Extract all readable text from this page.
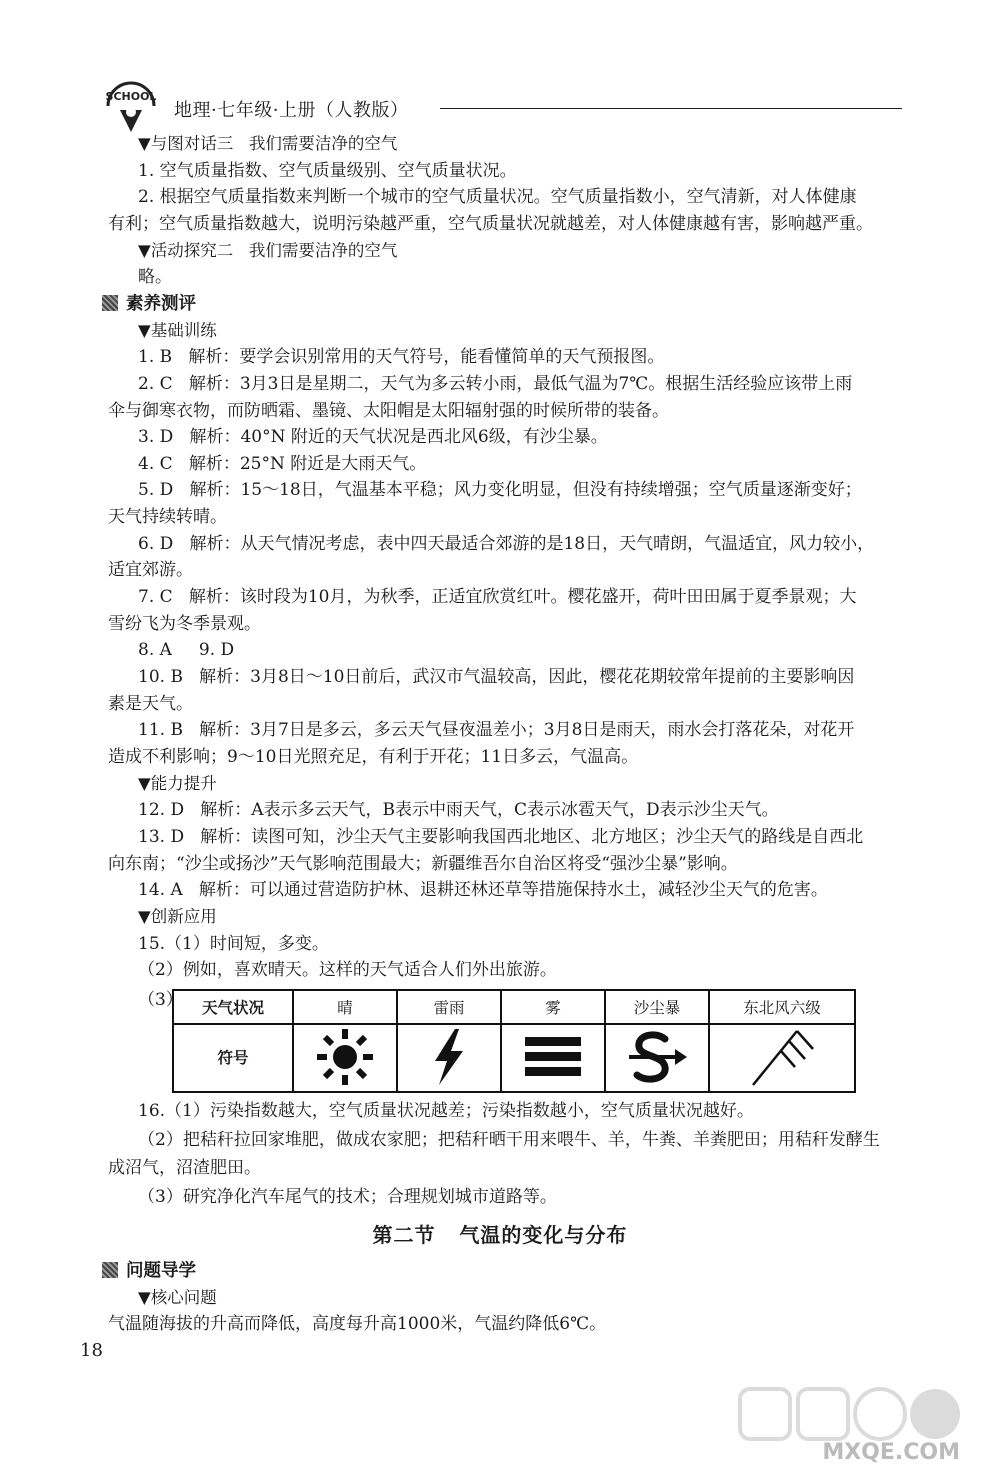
SCHOOL
地理·七年级·上册（人教版）
▼与图对话三   我们需要洁净的空气
1. 空气质量指数、空气质量级别、空气质量状况。
2. 根据空气质量指数来判断一个城市的空气质量状况。空气质量指数小，空气清新，对人体健康
有利；空气质量指数越大，说明污染越严重，空气质量状况就越差，对人体健康越有害，影响越严重。
▼活动探究二   我们需要洁净的空气
略。
素养测评
▼基础训练
1. B   解析：要学会识别常用的天气符号，能看懂简单的天气预报图。
2. C   解析：3月3日是星期二，天气为多云转小雨，最低气温为7℃。根据生活经验应该带上雨
伞与御寒衣物，而防晒霜、墨镜、太阳帽是太阳辐射强的时候所带的装备。
3. D   解析：40°N 附近的天气状况是西北风6级，有沙尘暴。
4. C   解析：25°N 附近是大雨天气。
5. D   解析：15～18日，气温基本平稳；风力变化明显，但没有持续增强；空气质量逐渐变好；
天气持续转晴。
6. D   解析：从天气情况考虑，表中四天最适合郊游的是18日，天气晴朗，气温适宜，风力较小，
适宜郊游。
7. C   解析：该时段为10月，为秋季，正适宜欣赏红叶。樱花盛开，荷叶田田属于夏季景观；大
雪纷飞为冬季景观。
8. A     9. D
10. B   解析：3月8日～10日前后，武汉市气温较高，因此，樱花花期较常年提前的主要影响因
素是天气。
11. B   解析：3月7日是多云，多云天气昼夜温差小；3月8日是雨天，雨水会打落花朵，对花开
造成不利影响；9～10日光照充足，有利于开花；11日多云，气温高。
▼能力提升
12. D   解析：A表示多云天气，B表示中雨天气，C表示冰雹天气，D表示沙尘天气。
13. D   解析：读图可知，沙尘天气主要影响我国西北地区、北方地区；沙尘天气的路线是自西北
向东南；“沙尘或扬沙”天气影响范围最大；新疆维吾尔自治区将受“强沙尘暴”影响。
14. A   解析：可以通过营造防护林、退耕还林还草等措施保持水土，减轻沙尘天气的危害。
▼创新应用
15.（1）时间短，多变。
（2）例如，喜欢晴天。这样的天气适合人们外出旅游。
（3）	天气状况	晴	雷雨	雾	沙尘暴	东北风六级
符号
16.（1）污染指数越大，空气质量状况越差；污染指数越小，空气质量状况越好。
（2）把秸秆拉回家堆肥，做成农家肥；把秸秆晒干用来喂牛、羊，牛粪、羊粪肥田；用秸秆发酵生
成沼气，沼渣肥田。
（3）研究净化汽车尾气的技术；合理规划城市道路等。
第二节   气温的变化与分布
问题导学
▼核心问题
气温随海拔的升高而降低，高度每升高1000米，气温约降低6℃。
18
MXQE.COM
